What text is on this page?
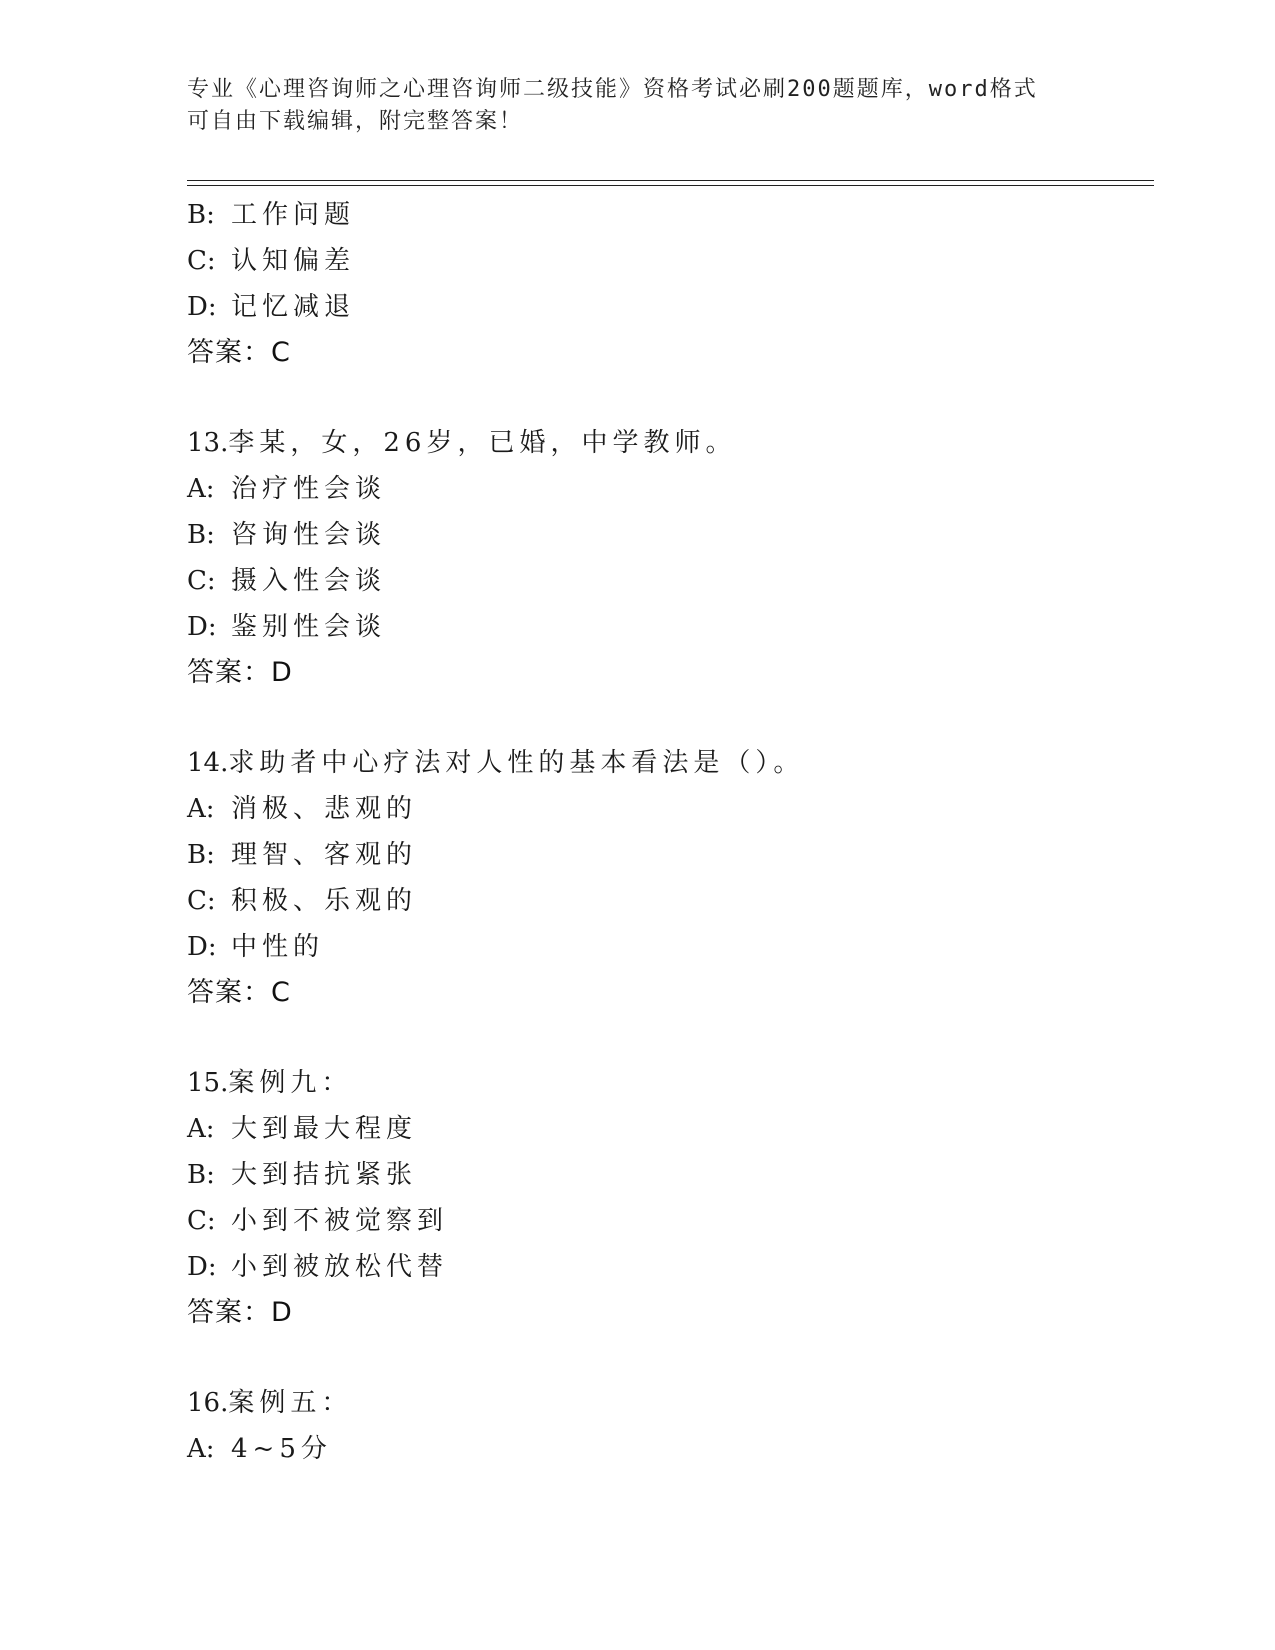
专业《心理咨询师之心理咨询师二级技能》资格考试必刷200题题库，word格式
可自由下载编辑，附完整答案！
B: 工作问题
C: 认知偏差
D: 记忆减退
答案：C
13.李某，女，26岁，已婚，中学教师。
A: 治疗性会谈
B: 咨询性会谈
C: 摄入性会谈
D: 鉴别性会谈
答案：D
14.求助者中心疗法对人性的基本看法是（）。
A: 消极、悲观的
B: 理智、客观的
C: 积极、乐观的
D: 中性的
答案：C
15.案例九：
A: 大到最大程度
B: 大到拮抗紧张
C: 小到不被觉察到
D: 小到被放松代替
答案：D
16.案例五：
A: 4~5分
